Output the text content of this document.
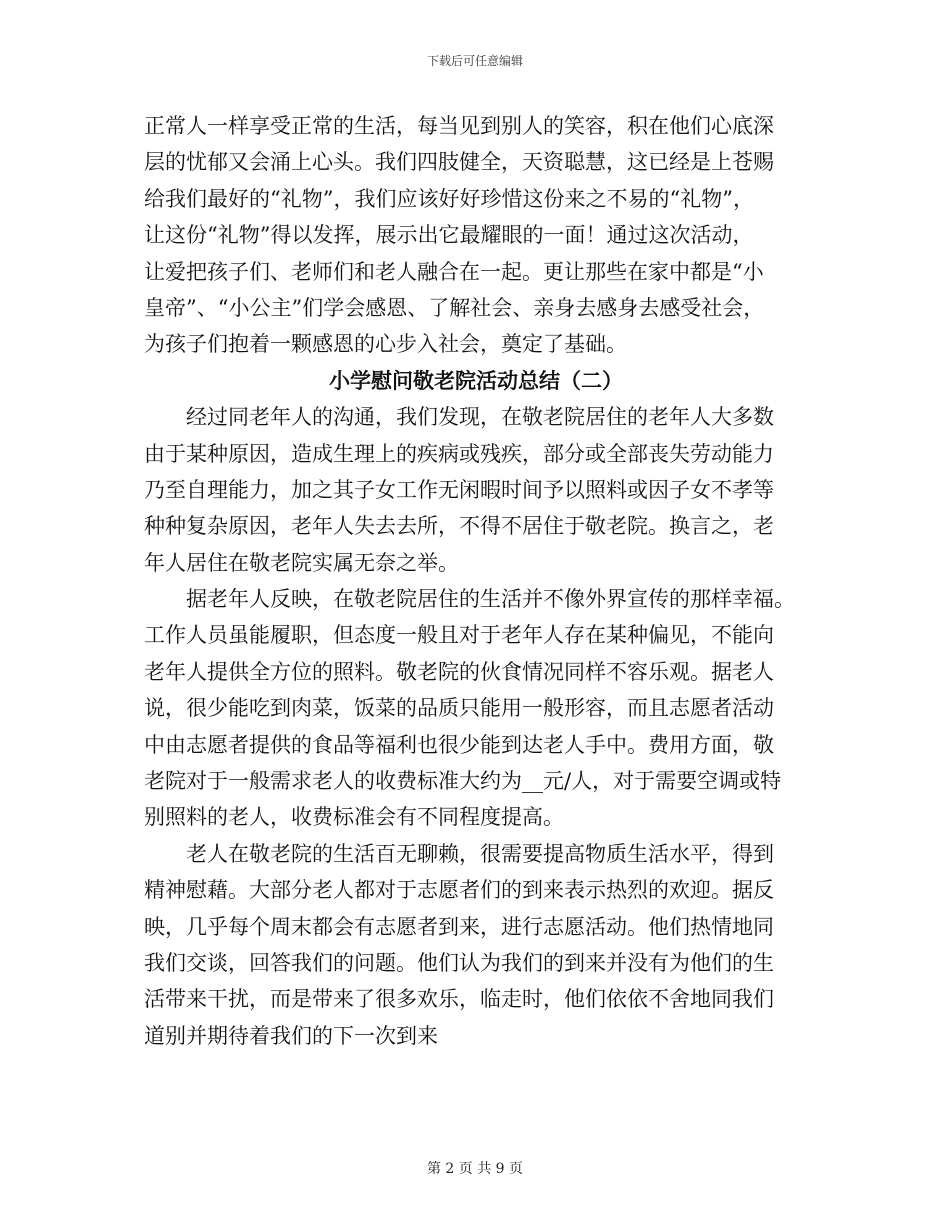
下载后可任意编辑
正常人一样享受正常的生活，每当见到别人的笑容，积在他们心底深
层的忧郁又会涌上心头。我们四肢健全，天资聪慧，这已经是上苍赐
给我们最好的“礼物”，我们应该好好珍惜这份来之不易的“礼物”，
让这份“礼物”得以发挥，展示出它最耀眼的一面！通过这次活动，
让爱把孩子们、老师们和老人融合在一起。更让那些在家中都是“小
皇帝”、“小公主”们学会感恩、了解社会、亲身去感身去感受社会，
为孩子们抱着一颗感恩的心步入社会，奠定了基础。
小学慰问敬老院活动总结（二）
经过同老年人的沟通，我们发现，在敬老院居住的老年人大多数
由于某种原因，造成生理上的疾病或残疾，部分或全部丧失劳动能力
乃至自理能力，加之其子女工作无闲暇时间予以照料或因子女不孝等
种种复杂原因，老年人失去去所，不得不居住于敬老院。换言之，老
年人居住在敬老院实属无奈之举。
据老年人反映，在敬老院居住的生活并不像外界宣传的那样幸福。
工作人员虽能履职，但态度一般且对于老年人存在某种偏见，不能向
老年人提供全方位的照料。敬老院的伙食情况同样不容乐观。据老人
说，很少能吃到肉菜，饭菜的品质只能用一般形容，而且志愿者活动
中由志愿者提供的食品等福利也很少能到达老人手中。费用方面，敬
老院对于一般需求老人的收费标准大约为__元/人，对于需要空调或特
别照料的老人，收费标准会有不同程度提高。
老人在敬老院的生活百无聊赖，很需要提高物质生活水平，得到
精神慰藉。大部分老人都对于志愿者们的到来表示热烈的欢迎。据反
映，几乎每个周末都会有志愿者到来，进行志愿活动。他们热情地同
我们交谈，回答我们的问题。他们认为我们的到来并没有为他们的生
活带来干扰，而是带来了很多欢乐，临走时，他们依依不舍地同我们
道别并期待着我们的下一次到来
第 2 页 共 9 页
